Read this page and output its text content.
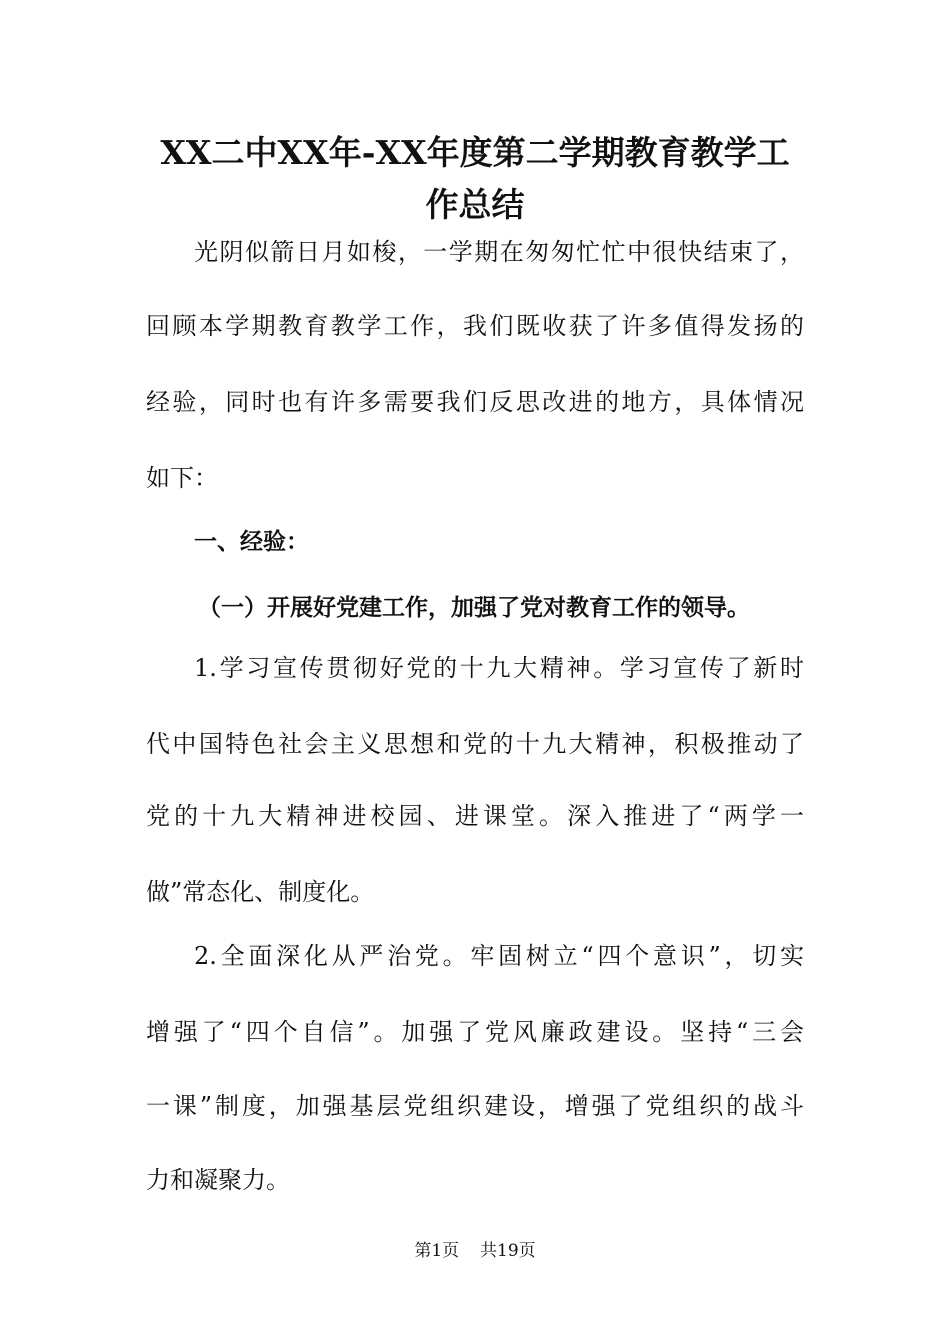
XX二中XX年-XX年度第二学期教育教学工
作总结
光阴似箭日月如梭，一学期在匆匆忙忙中很快结束了，
回顾本学期教育教学工作，我们既收获了许多值得发扬的
经验，同时也有许多需要我们反思改进的地方，具体情况
如下：
一、经验：
（一）开展好党建工作，加强了党对教育工作的领导。
1.学习宣传贯彻好党的十九大精神。学习宣传了新时
代中国特色社会主义思想和党的十九大精神，积极推动了
党的十九大精神进校园、进课堂。深入推进了“两学一
做”常态化、制度化。
2.全面深化从严治党。牢固树立“四个意识”，切实
增强了“四个自信”。加强了党风廉政建设。坚持“三会
一课”制度，加强基层党组织建设，增强了党组织的战斗
力和凝聚力。
第1页 共19页
